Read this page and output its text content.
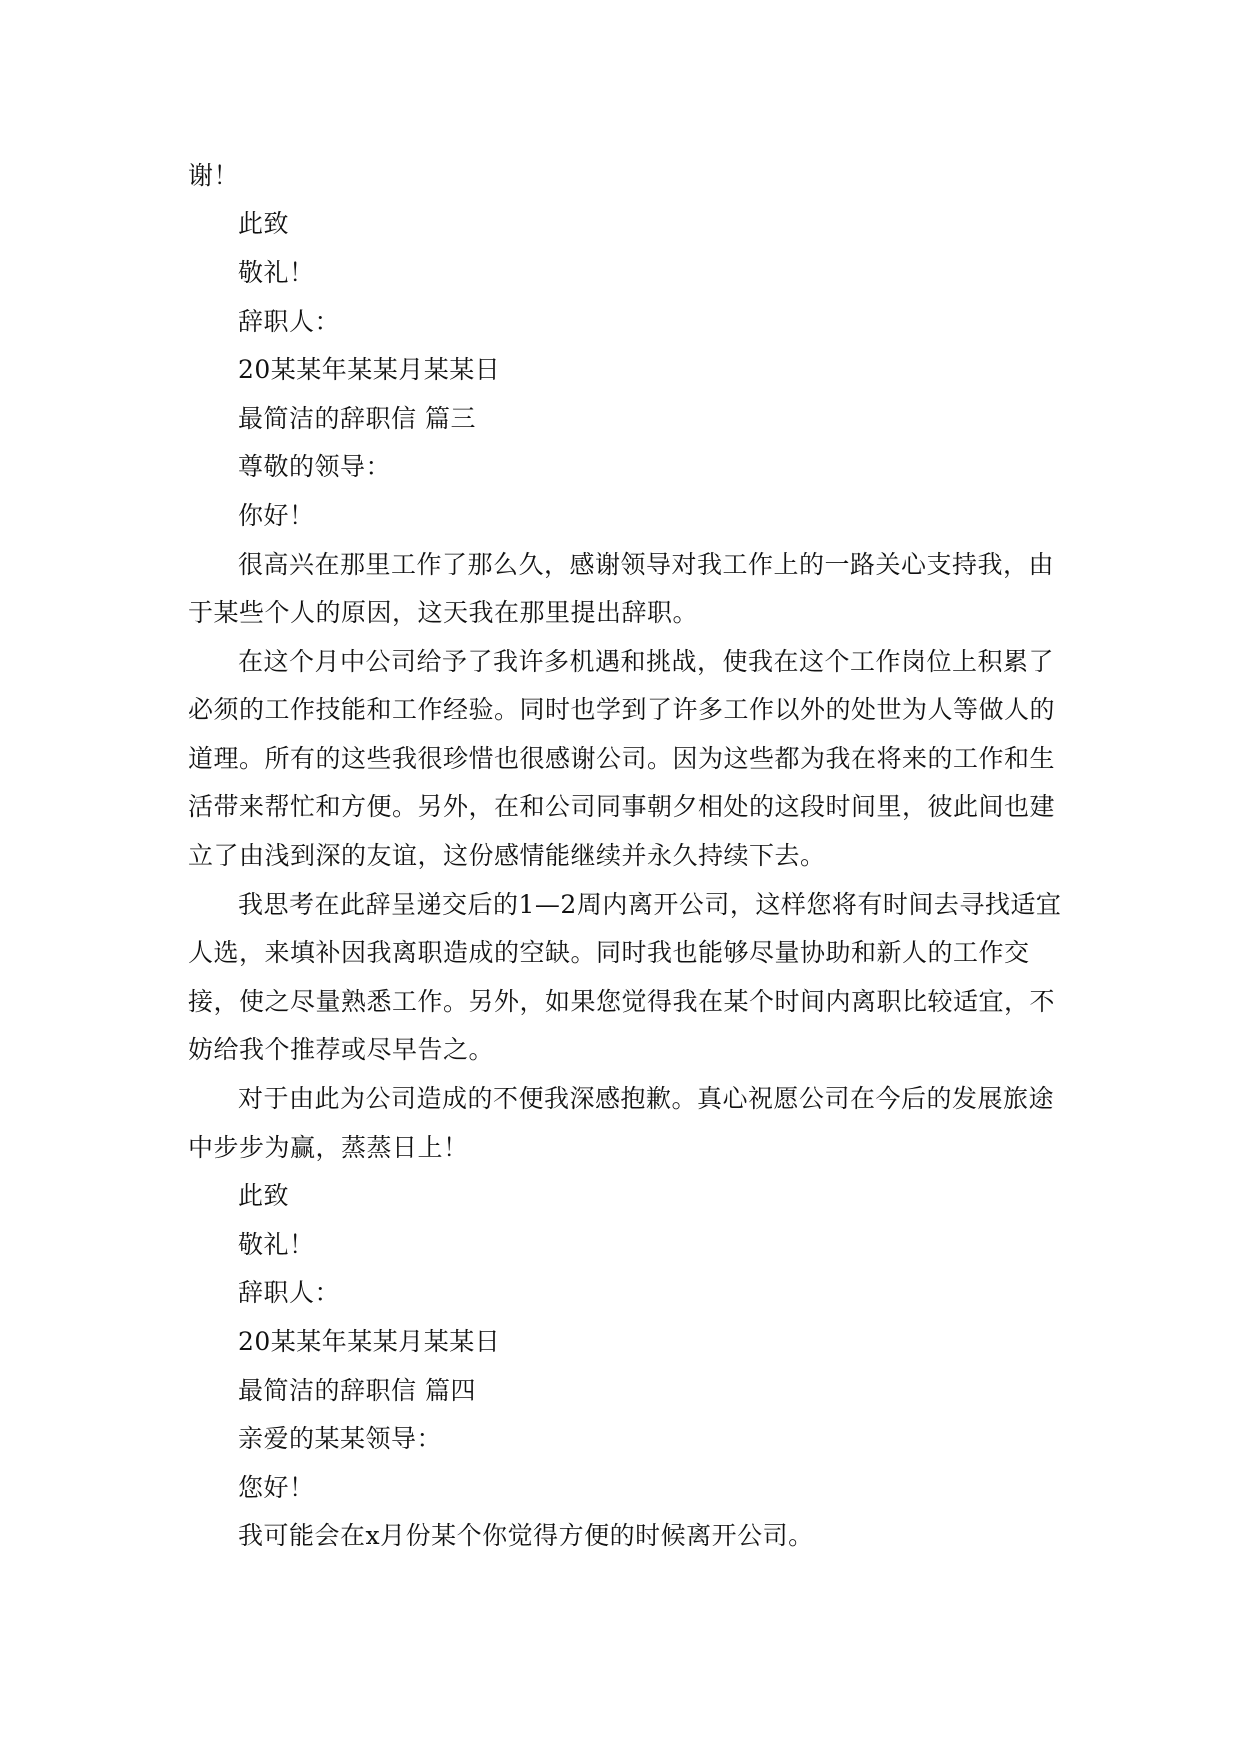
谢！
此致
敬礼！
辞职人：
20某某年某某月某某日
最简洁的辞职信 篇三
尊敬的领导：
你好！
很高兴在那里工作了那么久，感谢领导对我工作上的一路关心支持我，由
于某些个人的原因，这天我在那里提出辞职。
在这个月中公司给予了我许多机遇和挑战，使我在这个工作岗位上积累了
必须的工作技能和工作经验。同时也学到了许多工作以外的处世为人等做人的
道理。所有的这些我很珍惜也很感谢公司。因为这些都为我在将来的工作和生
活带来帮忙和方便。另外，在和公司同事朝夕相处的这段时间里，彼此间也建
立了由浅到深的友谊，这份感情能继续并永久持续下去。
我思考在此辞呈递交后的1—2周内离开公司，这样您将有时间去寻找适宜
人选，来填补因我离职造成的空缺。同时我也能够尽量协助和新人的工作交
接，使之尽量熟悉工作。另外，如果您觉得我在某个时间内离职比较适宜，不
妨给我个推荐或尽早告之。
对于由此为公司造成的不便我深感抱歉。真心祝愿公司在今后的发展旅途
中步步为赢，蒸蒸日上！
此致
敬礼！
辞职人：
20某某年某某月某某日
最简洁的辞职信 篇四
亲爱的某某领导：
您好！
我可能会在x月份某个你觉得方便的时候离开公司。
